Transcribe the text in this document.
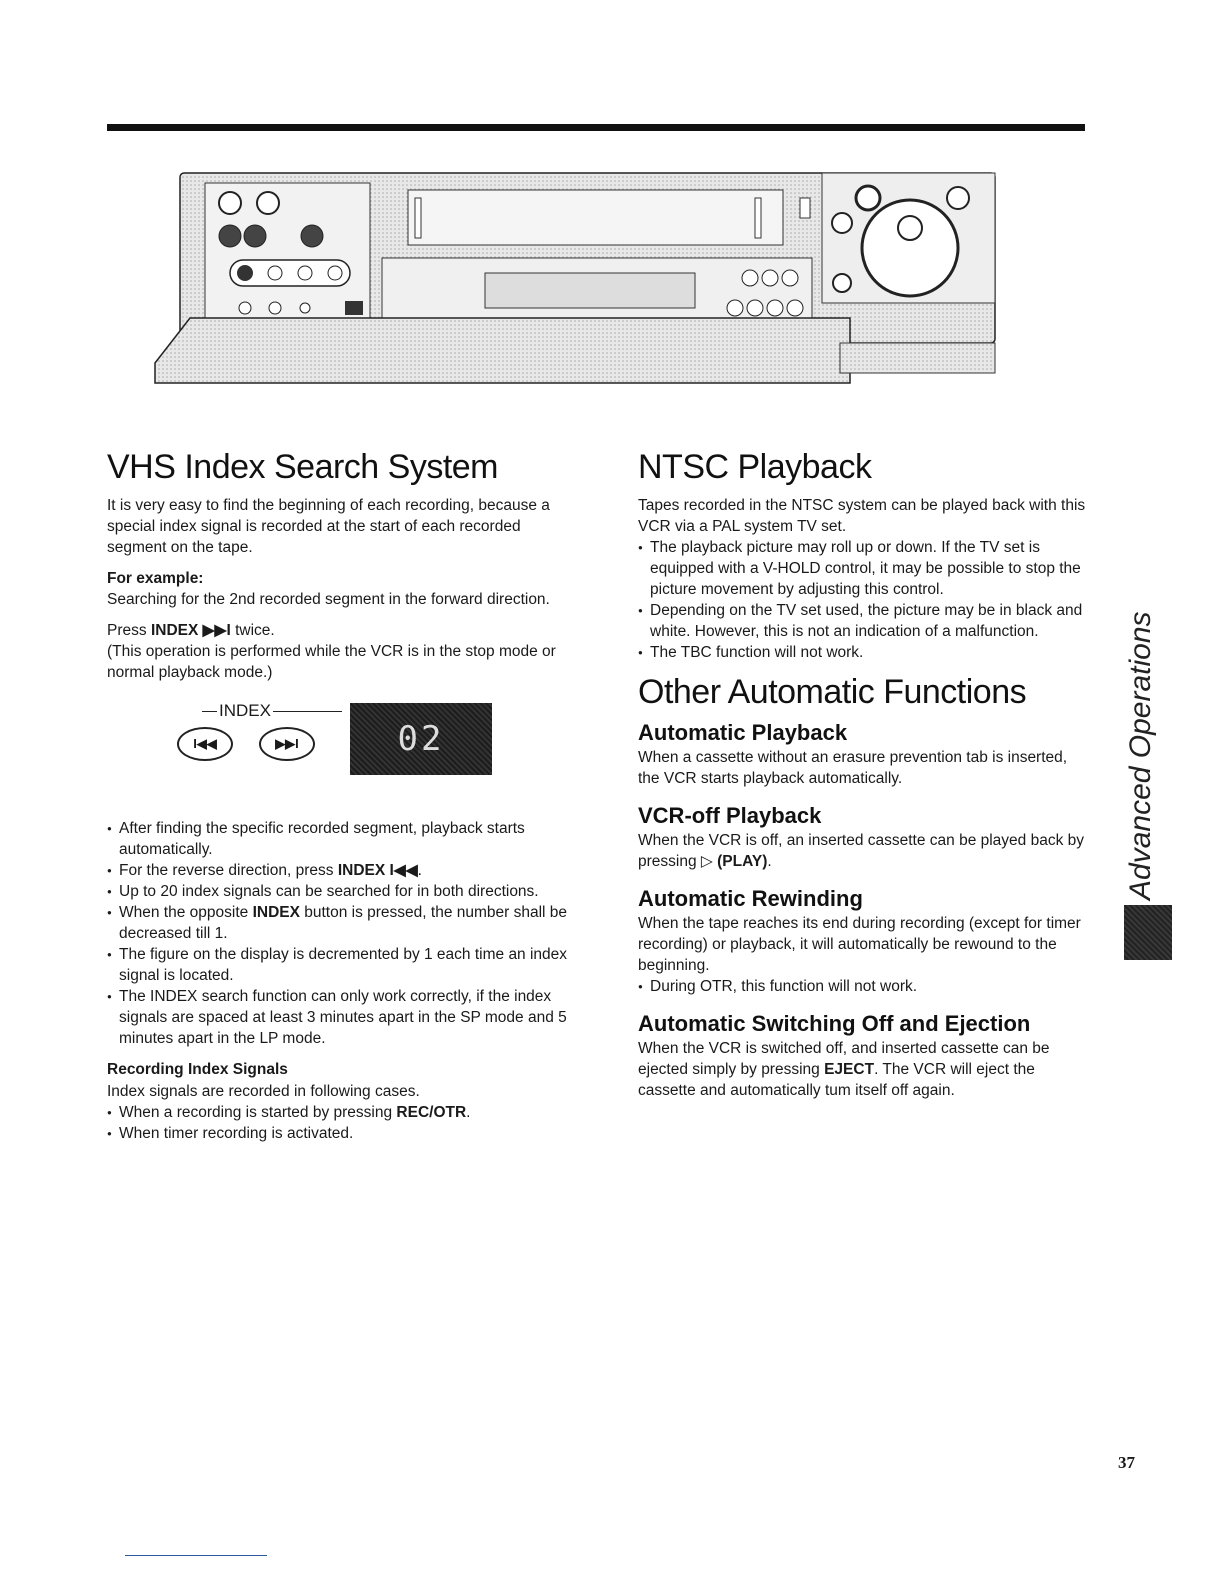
VHS Index Search System

It is very easy to find the beginning of each recording, because a special index signal is recorded at the start of each recorded segment on the tape.

For example:

Searching for the 2nd recorded segment in the forward direction.

Press INDEX ▶▶I twice.

(This operation is performed while the VCR is in the stop mode or normal playback mode.)

INDEX
I◀◀	▶▶I	02
● After finding the specific recorded segment, playback starts automatically.
● For the reverse direction, press INDEX I◀◀.
● Up to 20 index signals can be searched for in both directions.
● When the opposite INDEX button is pressed, the number shall be decreased till 1.
● The figure on the display is decremented by 1 each time an index signal is located.
● The INDEX search function can only work correctly, if the index signals are spaced at least 3 minutes apart in the SP mode and 5 minutes apart in the LP mode.

Recording Index Signals

Index signals are recorded in following cases.

● When a recording is started by pressing REC/OTR.
● When timer recording is activated.
NTSC Playback

Tapes recorded in the NTSC system can be played back with this VCR via a PAL system TV set.

● The playback picture may roll up or down. If the TV set is equipped with a V-HOLD control, it may be possible to stop the picture movement by adjusting this control.
● Depending on the TV set used, the picture may be in black and white. However, this is not an indication of a malfunction.
● The TBC function will not work.
Other Automatic Functions
Automatic Playback

When a cassette without an erasure prevention tab is inserted, the VCR starts playback automatically.

VCR-off Playback

When the VCR is off, an inserted cassette can be played back by pressing ▷ (PLAY).

Automatic Rewinding

When the tape reaches its end during recording (except for timer recording) or playback, it will automatically be rewound to the beginning.

● During OTR, this function will not work.
Automatic Switching Off and Ejection

When the VCR is switched off, and inserted cassette can be ejected simply by pressing EJECT. The VCR will eject the cassette and automatically tum itself off again.

Advanced Operations
37
